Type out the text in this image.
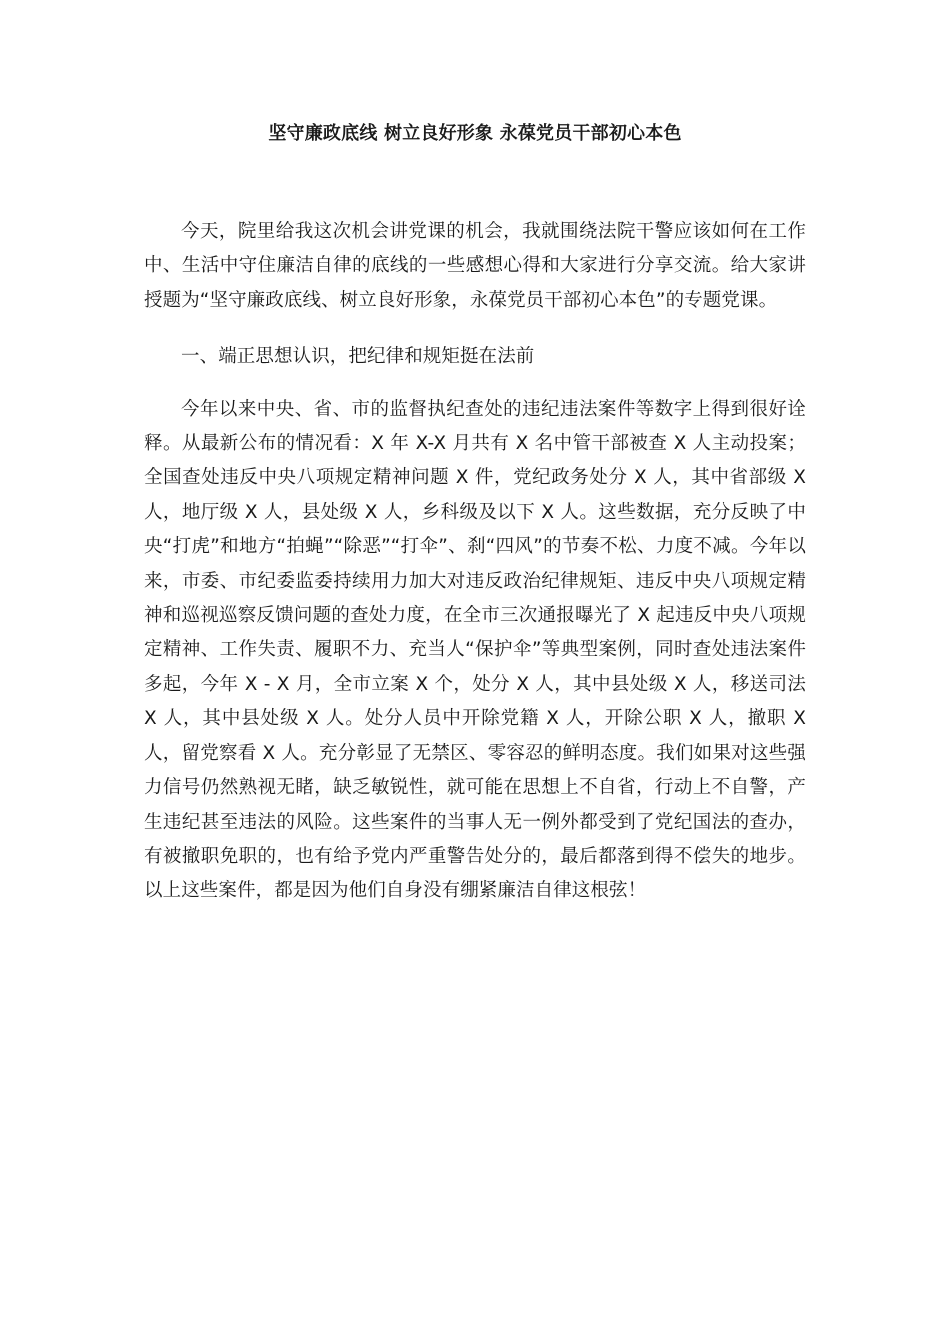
坚守廉政底线 树立良好形象 永葆党员干部初心本色

今天，院里给我这次机会讲党课的机会，我就围绕法院干警应该如何在工作中、生活中守住廉洁自律的底线的一些感想心得和大家进行分享交流。给大家讲授题为“坚守廉政底线、树立良好形象，永葆党员干部初心本色”的专题党课。

一、端正思想认识，把纪律和规矩挺在法前

今年以来中央、省、市的监督执纪查处的违纪违法案件等数字上得到很好诠释。从最新公布的情况看：X 年 X-X 月共有 X 名中管干部被查 X 人主动投案；全国查处违反中央八项规定精神问题 X 件，党纪政务处分 X 人，其中省部级 X 人，地厅级 X 人，县处级 X 人，乡科级及以下 X 人。这些数据，充分反映了中央“打虎”和地方“拍蝇”“除恶”“打伞”、刹“四风”的节奏不松、力度不减。今年以来，市委、市纪委监委持续用力加大对违反政治纪律规矩、违反中央八项规定精神和巡视巡察反馈问题的查处力度，在全市三次通报曝光了 X 起违反中央八项规定精神、工作失责、履职不力、充当人“保护伞”等典型案例，同时查处违法案件多起，今年 X - X 月，全市立案 X 个，处分 X 人，其中县处级 X 人，移送司法 X 人，其中县处级 X 人。处分人员中开除党籍 X 人，开除公职 X 人，撤职 X 人，留党察看 X 人。充分彰显了无禁区、零容忍的鲜明态度。我们如果对这些强力信号仍然熟视无睹，缺乏敏锐性，就可能在思想上不自省，行动上不自警，产生违纪甚至违法的风险。这些案件的当事人无一例外都受到了党纪国法的查办，有被撤职免职的，也有给予党内严重警告处分的，最后都落到得不偿失的地步。以上这些案件，都是因为他们自身没有绷紧廉洁自律这根弦！
